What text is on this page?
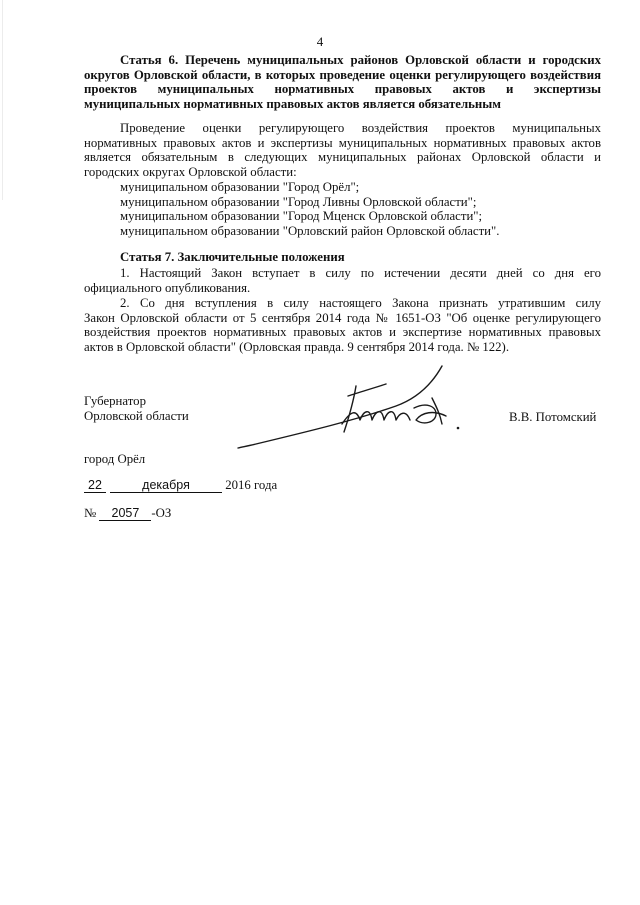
4
Статья 6. Перечень муниципальных районов Орловской области и городских
округов Орловской области, в которых проведение оценки регулирующего воздействия
проектов муниципальных нормативных правовых актов и экспертизы
муниципальных нормативных правовых актов является обязательным
Проведение оценки регулирующего воздействия проектов муниципальных
нормативных правовых актов и экспертизы муниципальных нормативных правовых актов
является обязательным в следующих муниципальных районах Орловской области и
городских округах Орловской области:
муниципальном образовании "Город Орёл";
муниципальном образовании "Город Ливны Орловской области";
муниципальном образовании "Город Мценск Орловской области";
муниципальном образовании "Орловский район Орловской области".
Статья 7. Заключительные положения
1. Настоящий Закон вступает в силу по истечении десяти дней со дня его
официального опубликования.
2. Со дня вступления в силу настоящего Закона признать утратившим силу
Закон Орловской области от 5 сентября 2014 года № 1651-ОЗ "Об оценке регулирующего
воздействия проектов нормативных правовых актов и экспертизе нормативных правовых
актов в Орловской области" (Орловская правда. 9 сентября 2014 года. № 122).
Губернатор
Орловской области	В.В. Потомский
город Орёл
22	декабря	2016 года
№ 2057 -ОЗ
